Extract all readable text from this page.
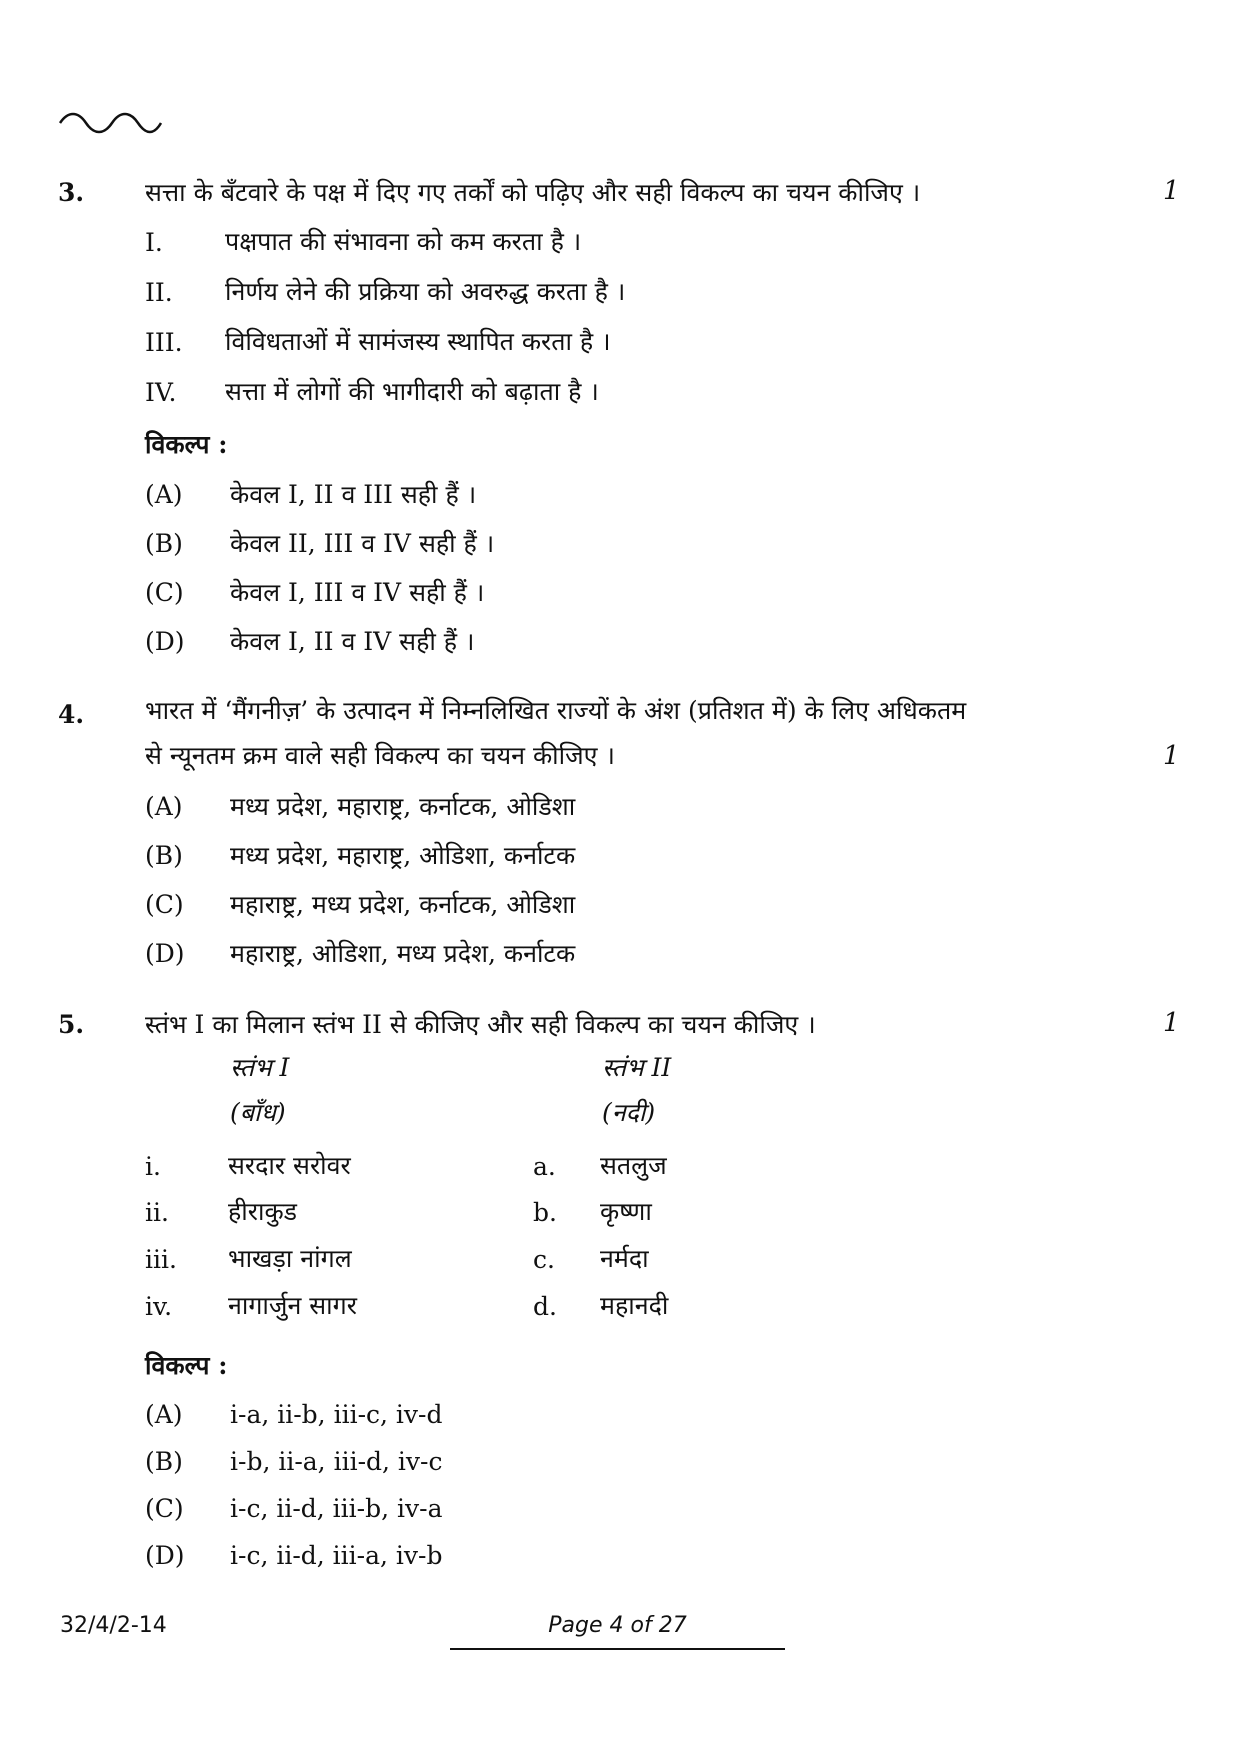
3. सत्ता के बँटवारे के पक्ष में दिए गए तर्कों को पढ़िए और सही विकल्प का चयन कीजिए ।	1
I. पक्षपात की संभावना को कम करता है ।
II. निर्णय लेने की प्रक्रिया को अवरुद्ध करता है ।
III. विविधताओं में सामंजस्य स्थापित करता है ।
IV. सत्ता में लोगों की भागीदारी को बढ़ाता है ।
विकल्प :
(A) केवल I, II व III सही हैं ।
(B) केवल II, III व IV सही हैं ।
(C) केवल I, III व IV सही हैं ।
(D) केवल I, II व IV सही हैं ।
4. भारत में ‘मैंगनीज़’ के उत्पादन में निम्नलिखित राज्यों के अंश (प्रतिशत में) के लिए अधिकतम
से न्यूनतम क्रम वाले सही विकल्प का चयन कीजिए ।	1
(A) मध्य प्रदेश, महाराष्ट्र, कर्नाटक, ओडिशा
(B) मध्य प्रदेश, महाराष्ट्र, ओडिशा, कर्नाटक
(C) महाराष्ट्र, मध्य प्रदेश, कर्नाटक, ओडिशा
(D) महाराष्ट्र, ओडिशा, मध्य प्रदेश, कर्नाटक
5. स्तंभ I का मिलान स्तंभ II से कीजिए और सही विकल्प का चयन कीजिए ।	1
स्तंभ I
(बाँध)
स्तंभ II
(नदी)
i.	सरदार सरोवर	a. सतलुज
ii. हीराकुड	b. कृष्णा
iii. भाखड़ा नांगल	c. नर्मदा
iv. नागार्जुन सागर	d. महानदी
विकल्प :
(A) i-a, ii-b, iii-c, iv-d
(B) i-b, ii-a, iii-d, iv-c
(C) i-c, ii-d, iii-b, iv-a
(D) i-c, ii-d, iii-a, iv-b
32/4/2-14	Page 4 of 27
